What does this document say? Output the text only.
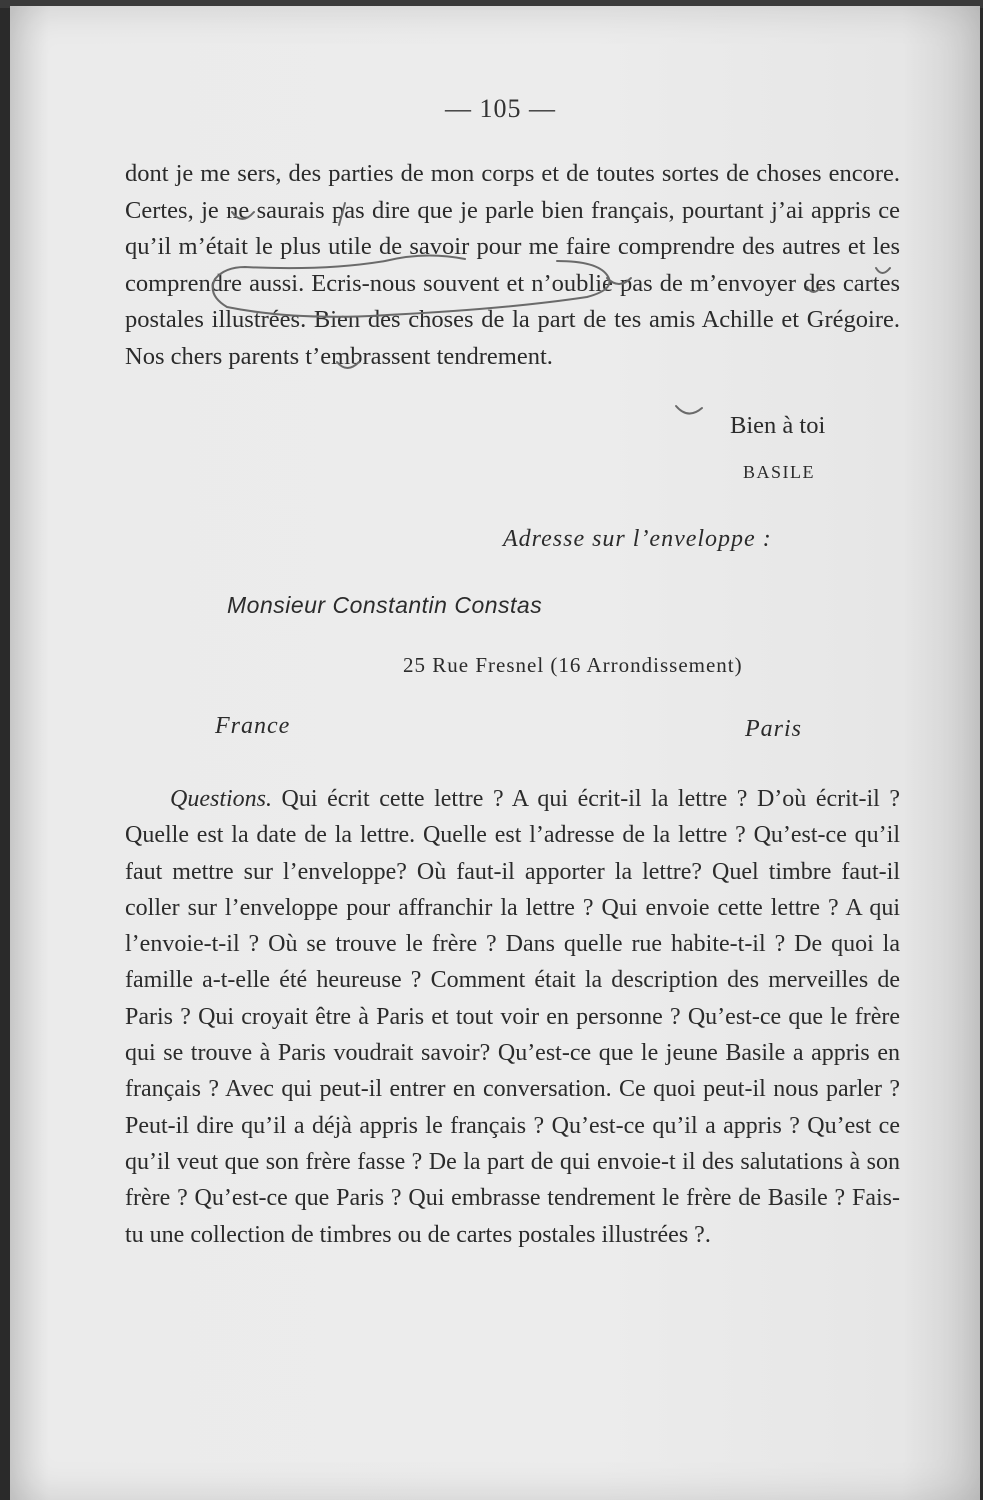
— 105 —

dont je me sers, des parties de mon corps et de toutes sortes de choses encore. Certes, je ne saurais pas dire que je parle bien français, pourtant j’ai appris ce qu’il m’était le plus utile de savoir pour me faire comprendre des autres et les comprendre aussi. Ecris-nous souvent et n’oublie pas de m’envoyer des cartes postales illustrées. Bien des choses de la part de tes amis Achille et Grégoire. Nos chers parents t’embrassent tendrement.

Bien à toi
BASILE
Adresse sur l’enveloppe :
Monsieur Constantin Constas
25 Rue Fresnel (16 Arrondissement)
France	Paris

Questions. Qui écrit cette lettre ? A qui écrit-il la lettre ? D’où écrit-il ? Quelle est la date de la lettre. Quelle est l’adresse de la lettre ? Qu’est-ce qu’il faut mettre sur l’enveloppe? Où faut-il apporter la lettre? Quel timbre faut-il coller sur l’enveloppe pour affranchir la lettre ? Qui envoie cette lettre ? A qui l’envoie-t-il ? Où se trouve le frère ? Dans quelle rue habite-t-il ? De quoi la famille a-t-elle été heureuse ? Comment était la description des merveilles de Paris ? Qui croyait être à Paris et tout voir en personne ? Qu’est-ce que le frère qui se trouve à Paris voudrait savoir? Qu’est-ce que le jeune Basile a appris en français ? Avec qui peut-il entrer en conversation. Ce quoi peut-il nous parler ? Peut-il dire qu’il a déjà appris le français ? Qu’est-ce qu’il a appris ? Qu’est ce qu’il veut que son frère fasse ? De la part de qui envoie-t il des salutations à son frère ? Qu’est-ce que Paris ? Qui embrasse tendrement le frère de Basile ? Fais-tu une collection de timbres ou de cartes postales illustrées ?.
